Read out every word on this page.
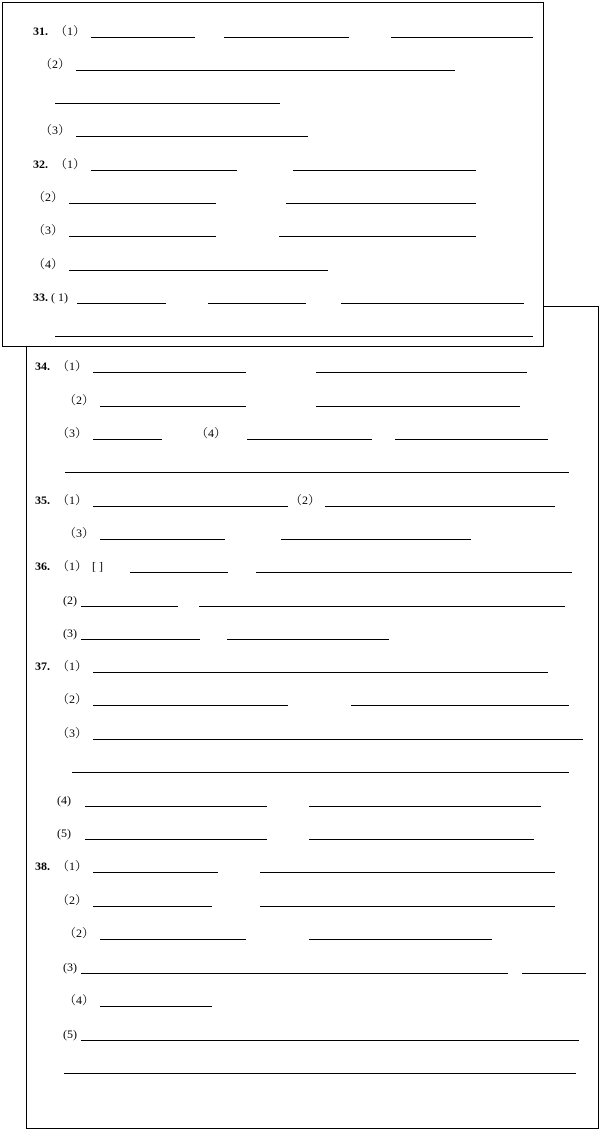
31. （1）
（2）
（3）
32. （1）
（2）
（3）
（4）
33. ( 1)
34. （1）
（2）
（3）	（4）
35. （1）	（2）
（3）
36. （1） [ ]
(2)
(3)
37. （1）
（2）
（3）
(4)
(5)
38. （1）
（2）
（2）
(3)
（4）
(5)
